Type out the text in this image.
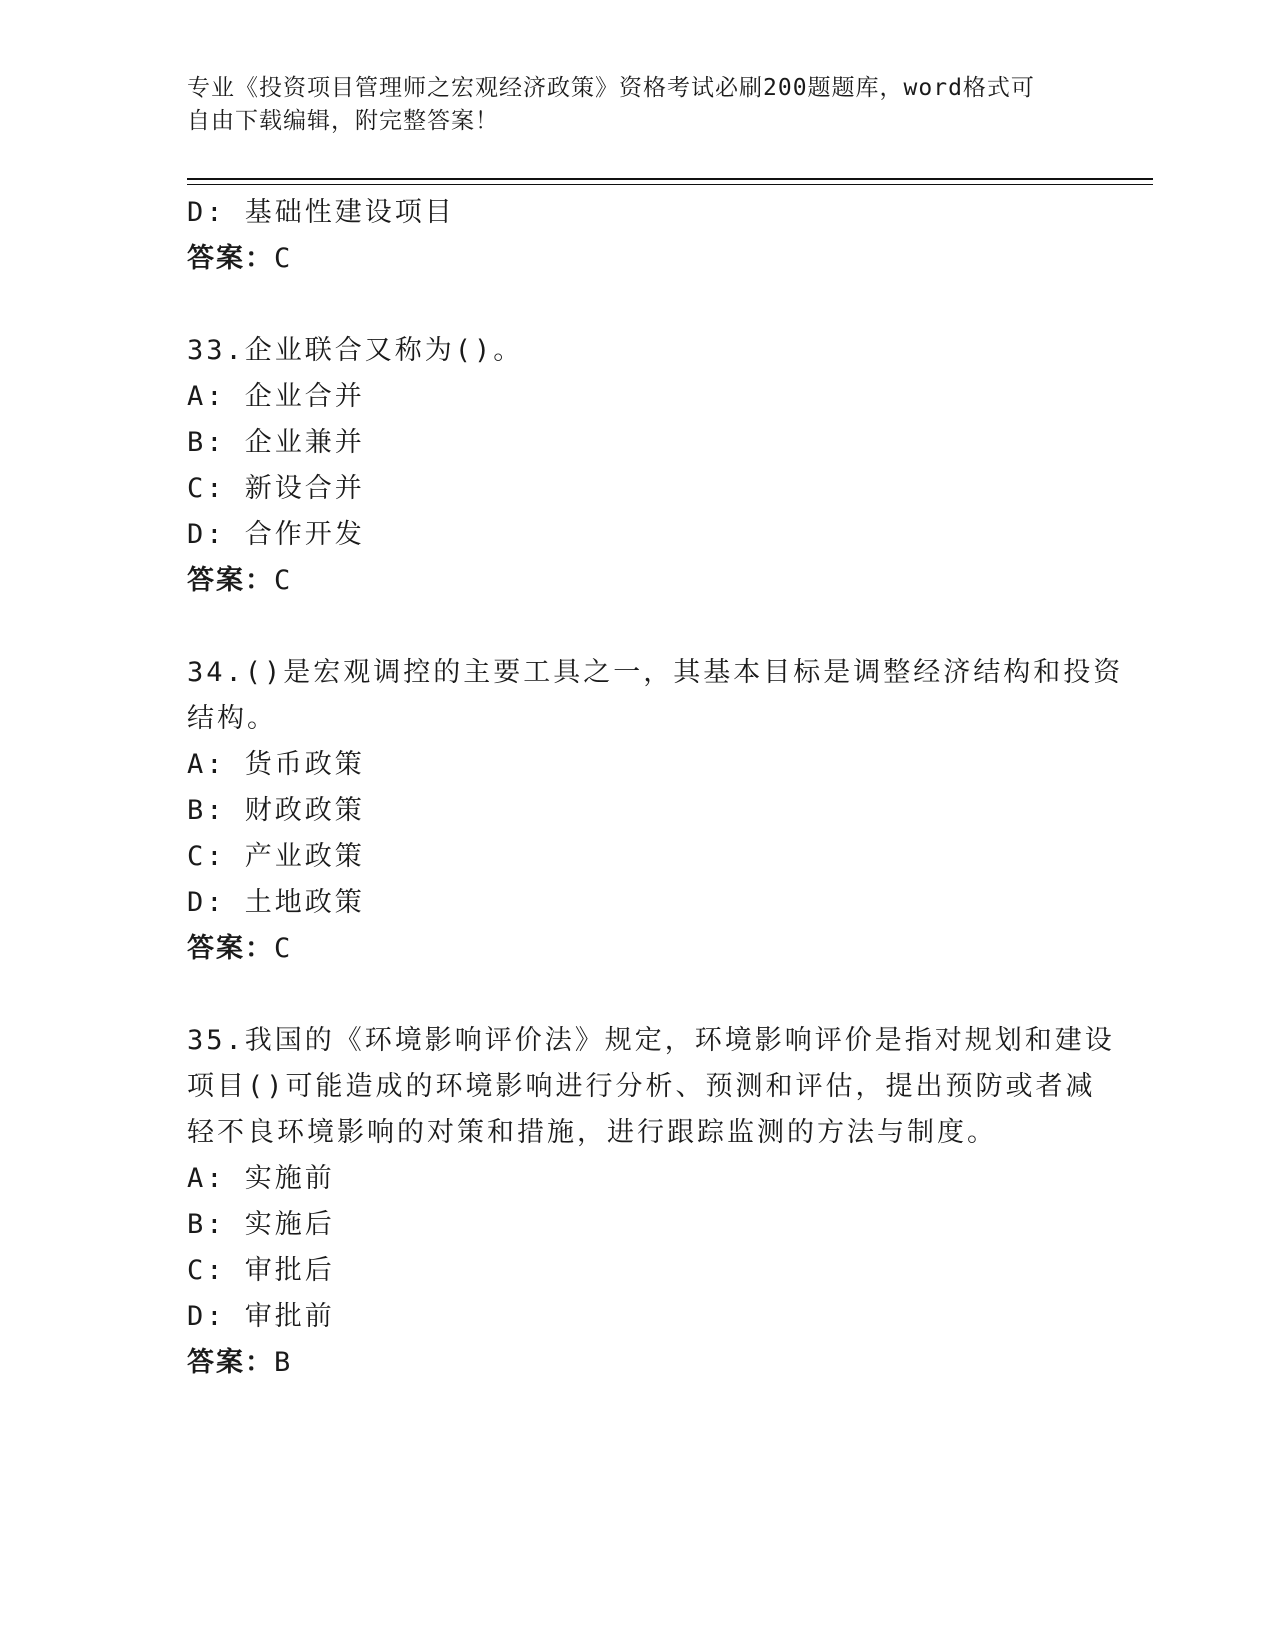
专业《投资项目管理师之宏观经济政策》资格考试必刷200题题库，word格式可
自由下载编辑，附完整答案！
D: 基础性建设项目
答案：C
33.企业联合又称为()。
A: 企业合并
B: 企业兼并
C: 新设合并
D: 合作开发
答案：C
34.()是宏观调控的主要工具之一，其基本目标是调整经济结构和投资
结构。
A: 货币政策
B: 财政政策
C: 产业政策
D: 土地政策
答案：C
35.我国的《环境影响评价法》规定，环境影响评价是指对规划和建设
项目()可能造成的环境影响进行分析、预测和评估，提出预防或者减
轻不良环境影响的对策和措施，进行跟踪监测的方法与制度。
A: 实施前
B: 实施后
C: 审批后
D: 审批前
答案：B
